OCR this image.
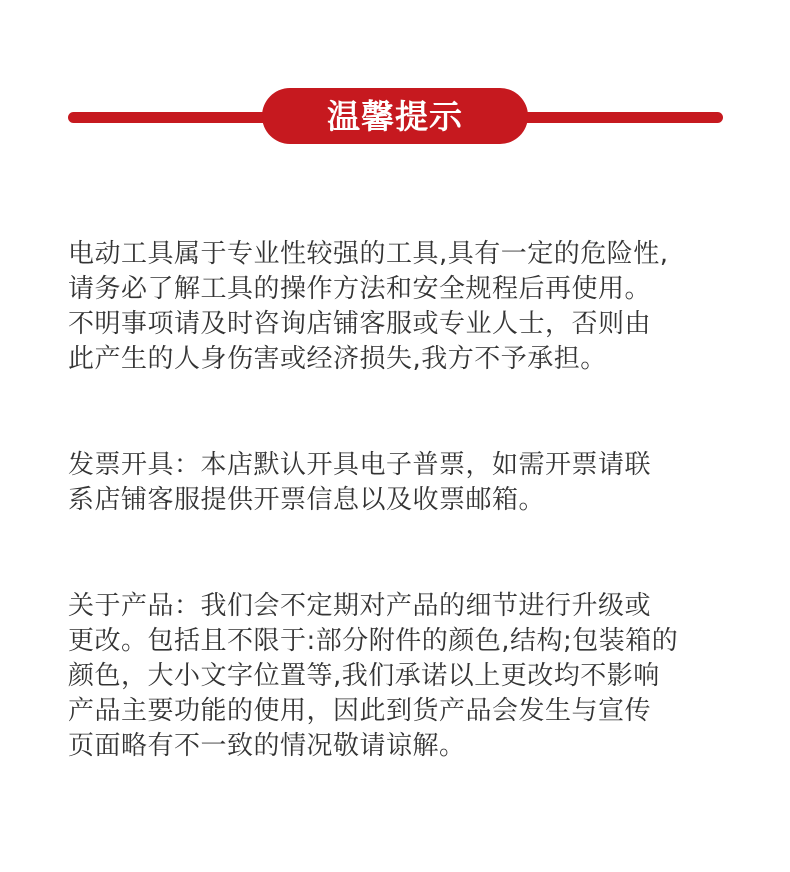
温馨提示

电动工具属于专业性较强的工具,具有一定的危险性,
请务必了解工具的操作方法和安全规程后再使用。
不明事项请及时咨询店铺客服或专业人士，否则由
此产生的人身伤害或经济损失,我方不予承担。

发票开具：本店默认开具电子普票，如需开票请联
系店铺客服提供开票信息以及收票邮箱。

关于产品：我们会不定期对产品的细节进行升级或
更改。包括且不限于:部分附件的颜色,结构;包装箱的
颜色，大小文字位置等,我们承诺以上更改均不影响
产品主要功能的使用，因此到货产品会发生与宣传
页面略有不一致的情况敬请谅解。
